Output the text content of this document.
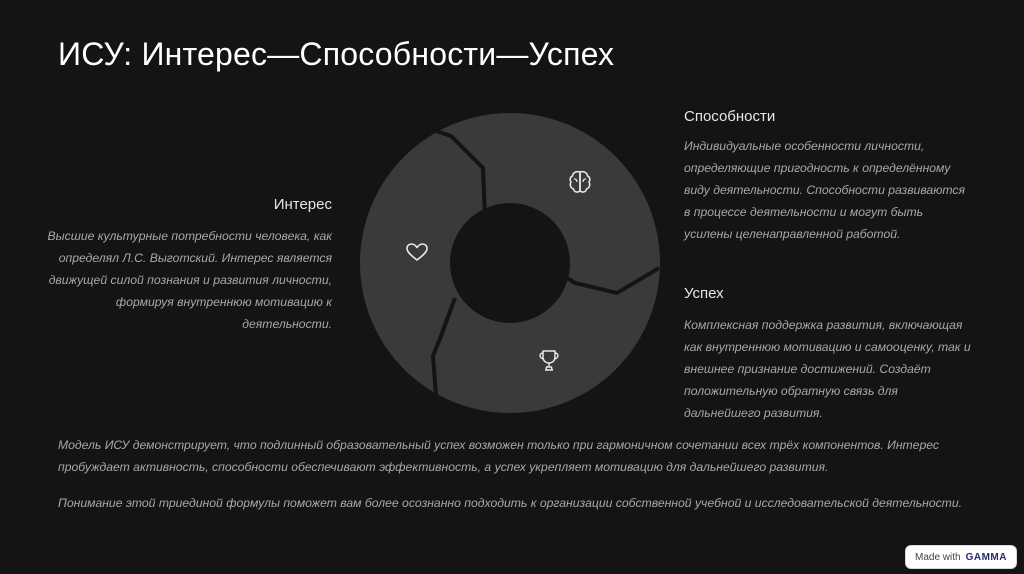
ИСУ: Интерес—Способности—Успех
Интерес

Высшие культурные потребности человека, как определял Л.С. Выготский. Интерес является движущей силой познания и развития личности, формируя внутреннюю мотивацию к деятельности.

Способности

Индивидуальные особенности личности, определяющие пригодность к определённому виду деятельности. Способности развиваются в процессе деятельности и могут быть усилены целенаправленной работой.

Успех

Комплексная поддержка развития, включающая как внутреннюю мотивацию и самооценку, так и внешнее признание достижений. Создаёт положительную обратную связь для дальнейшего развития.

Модель ИСУ демонстрирует, что подлинный образовательный успех возможен только при гармоничном сочетании всех трёх компонентов. Интерес пробуждает активность, способности обеспечивают эффективность, а успех укрепляет мотивацию для дальнейшего развития.

Понимание этой триединой формулы поможет вам более осознанно подходить к организации собственной учебной и исследовательской деятельности.

Made with GAMMA
